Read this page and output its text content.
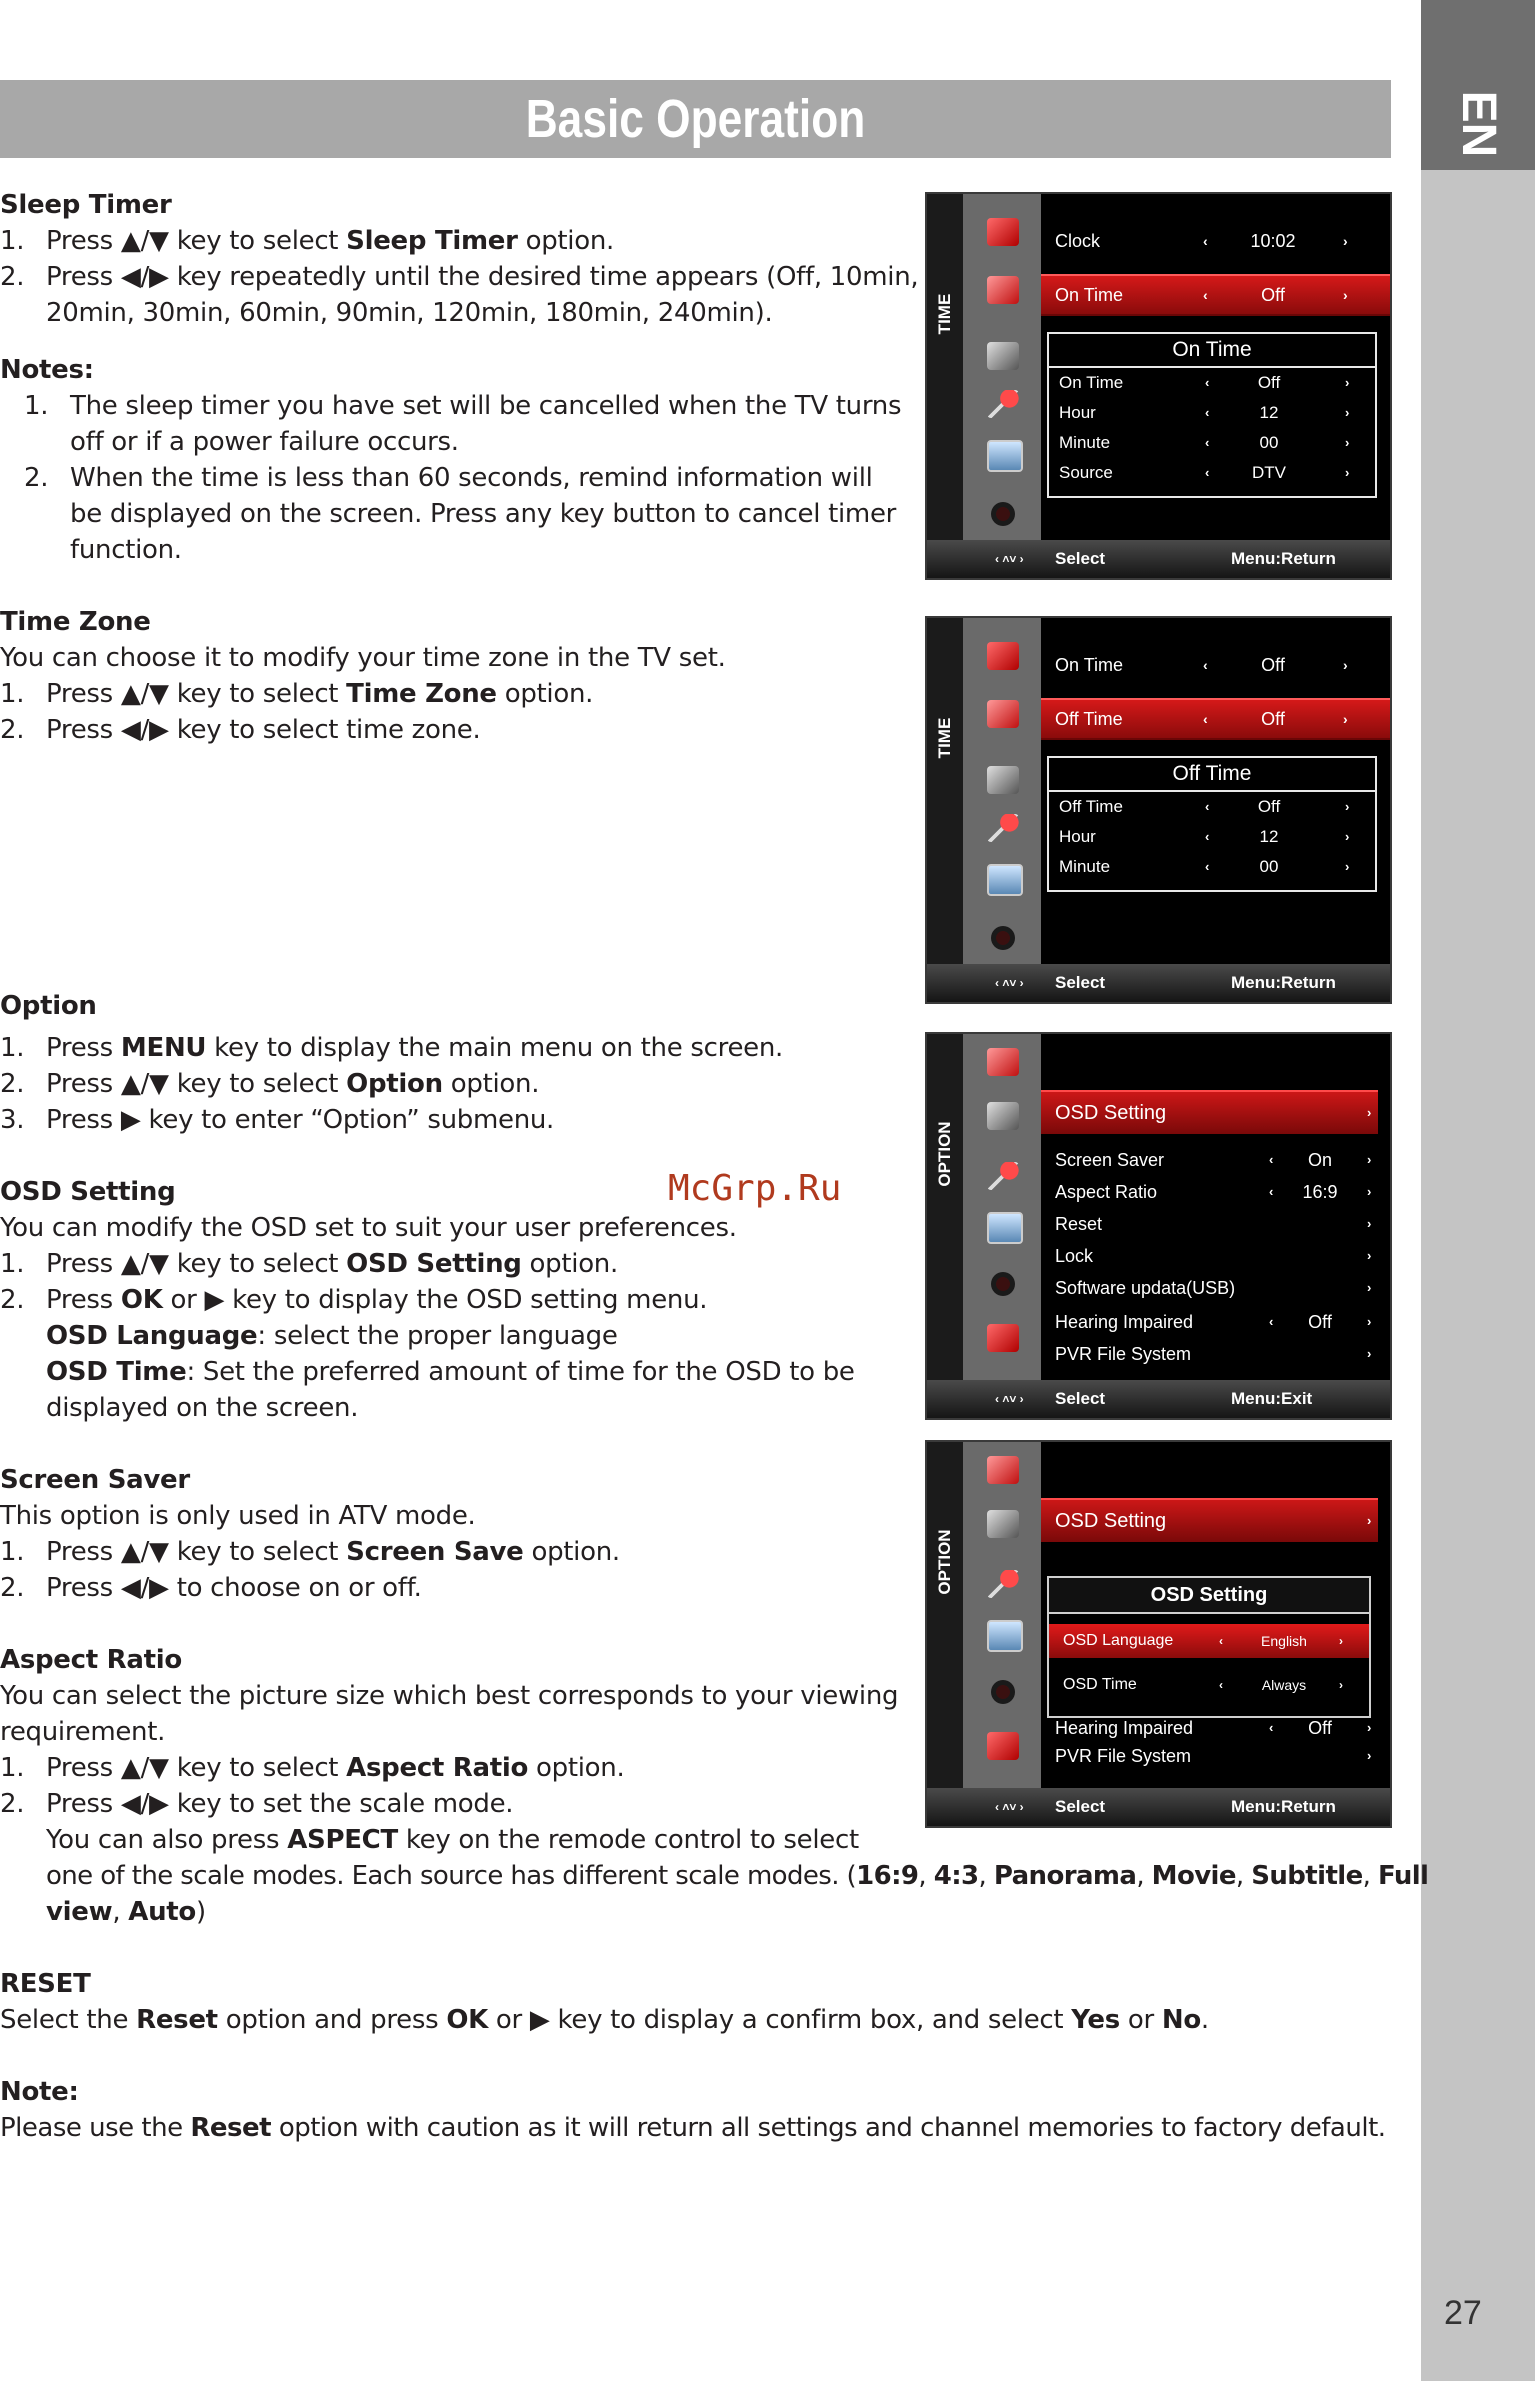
EN
27
Basic Operation
McGrp.Ru
Sleep Timer
1. Press ▲/▼ key to select Sleep Timer option.
2. Press ◀/▶ key repeatedly until the desired time appears (Off, 10min,
20min, 30min, 60min, 90min, 120min, 180min, 240min).
Notes:
1. The sleep timer you have set will be cancelled when the TV turns
off or if a power failure occurs.
2. When the time is less than 60 seconds, remind information will
be displayed on the screen. Press any key button to cancel timer
function.
Time Zone
You can choose it to modify your time zone in the TV set.
1. Press ▲/▼ key to select Time Zone option.
2. Press ◀/▶ key to select time zone.
Option
1. Press MENU key to display the main menu on the screen.
2. Press ▲/▼ key to select Option option.
3. Press ▶ key to enter “Option” submenu.
OSD Setting
You can modify the OSD set to suit your user preferences.
1. Press ▲/▼ key to select OSD Setting option.
2. Press OK or ▶ key to display the OSD setting menu.
OSD Language: select the proper language
OSD Time: Set the preferred amount of time for the OSD to be
displayed on the screen.
Screen Saver
This option is only used in ATV mode.
1. Press ▲/▼ key to select Screen Save option.
2. Press ◀/▶ to choose on or off.
Aspect Ratio
You can select the picture size which best corresponds to your viewing
requirement.
1. Press ▲/▼ key to select Aspect Ratio option.
2. Press ◀/▶ key to set the scale mode.
You can also press ASPECT key on the remode control to select
one of the scale modes. Each source has different scale modes. (16:9, 4:3, Panorama, Movie, Subtitle, Full
view, Auto)
RESET
Select the Reset option and press OK or ▶ key to display a confirm box, and select Yes or No.
Note:
Please use the Reset option with caution as it will return all settings and channel memories to factory default.
TIME
Clock	‹	10:02	›
On Time	‹	Off	›
On Time
On Time	‹	Off	›
Hour	‹	12	›
Minute	‹	00	›
Source	‹	DTV	›
‹ ˄˅ › Select	Menu:Return
TIME
On Time	‹	Off	›
Off Time	‹	Off	›
Off Time
Off Time	‹	Off	›
Hour	‹	12	›
Minute	‹	00	›
‹ ˄˅ › Select	Menu:Return
OPTION
OSD Setting	›
Screen Saver	‹	On	›
Aspect Ratio	‹	16:9	›
Reset	›
Lock	›
Software updata(USB)	›
Hearing Impaired	‹	Off	›
PVR File System	›
‹ ˄˅ › Select	Menu:Exit
OPTION
OSD Setting	›
Hearing Impaired	‹	Off	›
PVR File System	›
OSD Setting
OSD Language	‹	English	›
OSD Time	‹	Always	›
‹ ˄˅ › Select	Menu:Return
